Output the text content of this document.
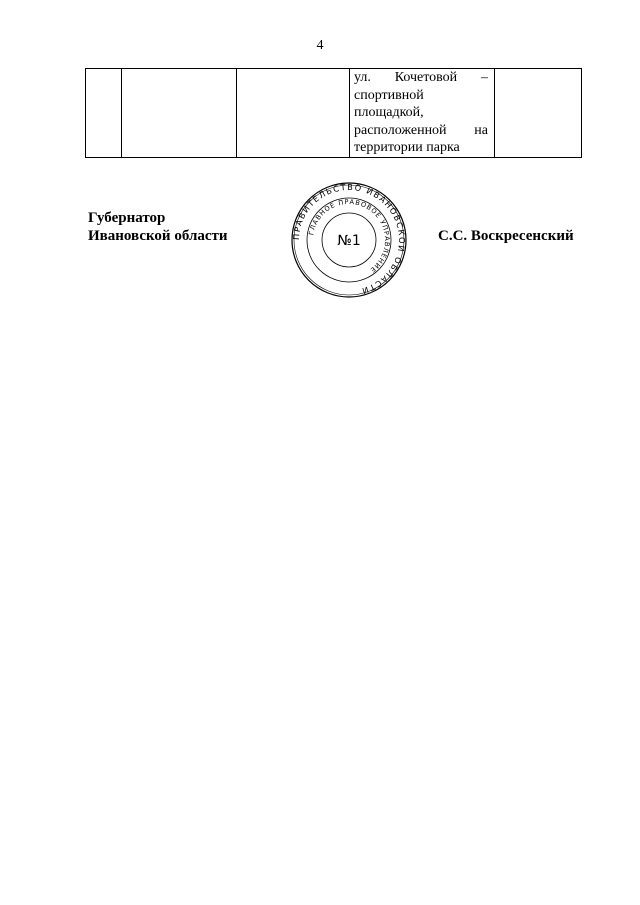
4

ул. Кочетовой –
спортивной
площадкой,
расположенной на
территории парка

Губернатор
Ивановской области	ПРАВИТЕЛЬСТВО ИВАНОВСКОЙ ОБЛАСТИ
ГЛАВНОЕ ПРАВОВОЕ УПРАВЛЕНИЕ
№1	С.С. Воскресенский
